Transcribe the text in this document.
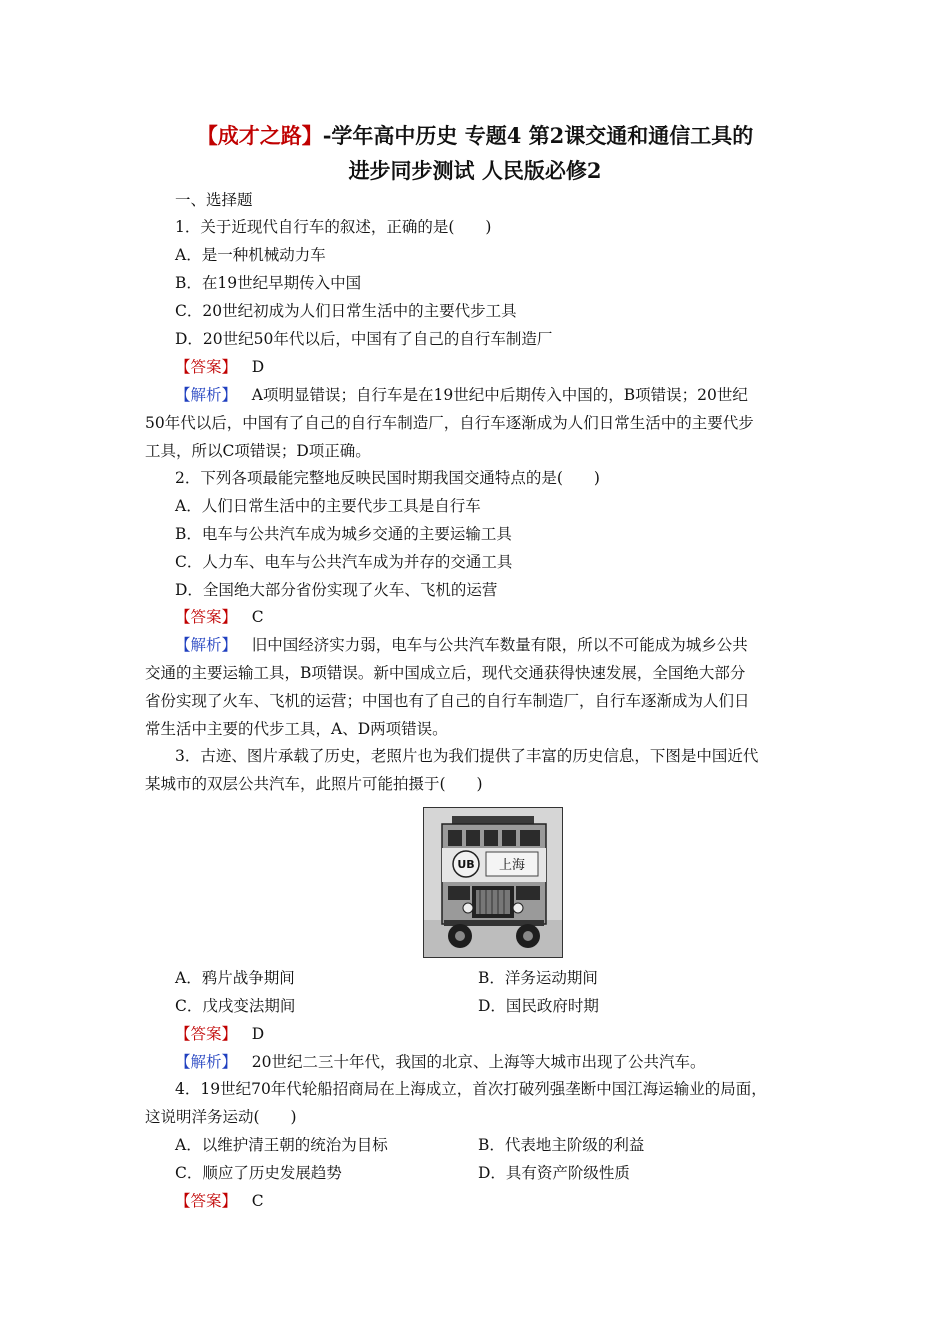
【成才之路】-学年高中历史 专题4 第2课交通和通信工具的
进步同步测试 人民版必修2
一、选择题
1．关于近现代自行车的叙述，正确的是(　　)
A．是一种机械动力车
B．在19世纪早期传入中国
C．20世纪初成为人们日常生活中的主要代步工具
D．20世纪50年代以后，中国有了自己的自行车制造厂
【答案】 D
【解析】 A项明显错误；自行车是在19世纪中后期传入中国的，B项错误；20世纪
50年代以后，中国有了自己的自行车制造厂，自行车逐渐成为人们日常生活中的主要代步
工具，所以C项错误；D项正确。
2．下列各项最能完整地反映民国时期我国交通特点的是(　　)
A．人们日常生活中的主要代步工具是自行车
B．电车与公共汽车成为城乡交通的主要运输工具
C．人力车、电车与公共汽车成为并存的交通工具
D．全国绝大部分省份实现了火车、飞机的运营
【答案】 C
【解析】 旧中国经济实力弱，电车与公共汽车数量有限，所以不可能成为城乡公共
交通的主要运输工具，B项错误。新中国成立后，现代交通获得快速发展，全国绝大部分
省份实现了火车、飞机的运营；中国也有了自己的自行车制造厂，自行车逐渐成为人们日
常生活中主要的代步工具，A、D两项错误。
3．古迹、图片承载了历史，老照片也为我们提供了丰富的历史信息，下图是中国近代
某城市的双层公共汽车，此照片可能拍摄于(　　)
UB 上海
A．鸦片战争期间	B．洋务运动期间
C．戊戌变法期间	D．国民政府时期
【答案】 D
【解析】 20世纪二三十年代，我国的北京、上海等大城市出现了公共汽车。
4．19世纪70年代轮船招商局在上海成立，首次打破列强垄断中国江海运输业的局面，
这说明洋务运动(　　)
A．以维护清王朝的统治为目标	B．代表地主阶级的利益
C．顺应了历史发展趋势	D．具有资产阶级性质
【答案】 C
